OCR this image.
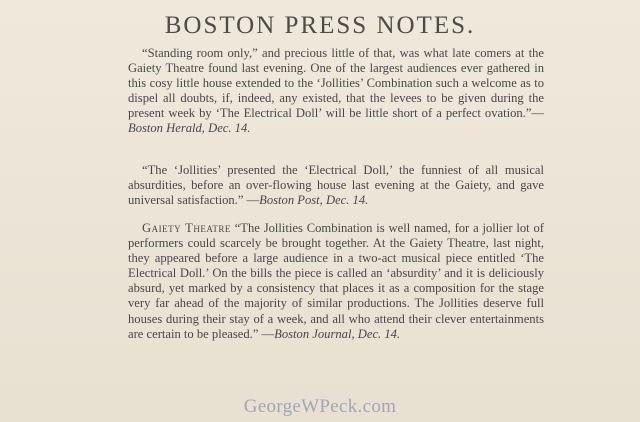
BOSTON PRESS NOTES.

“Standing room only,” and precious little of that, was what late comers at the Gaiety Theatre found last evening. One of the largest audiences ever gathered in this cosy little house extended to the ‘Jollities’ Combination such a welcome as to dispel all doubts, if, indeed, any existed, that the levees to be given during the present week by ‘The Electrical Doll’ will be little short of a perfect ovation.”—Boston Herald, Dec. 14.

“The ‘Jollities’ presented the ‘Electrical Doll,’ the funniest of all musical absurdities, before an over-flowing house last evening at the Gaiety, and gave universal satisfaction.” —Boston Post, Dec. 14.

Gaiety Theatre “The Jollities Combination is well named, for a jollier lot of performers could scarcely be brought together. At the Gaiety Theatre, last night, they appeared before a large audience in a two-act musical piece entitled ‘The Electrical Doll.’ On the bills the piece is called an ‘absurdity’ and it is deliciously absurd, yet marked by a consistency that places it as a composition for the stage very far ahead of the majority of similar productions. The Jollities deserve full houses during their stay of a week, and all who attend their clever entertainments are certain to be pleased.” —Boston Journal, Dec. 14.

GeorgeWPeck.com
